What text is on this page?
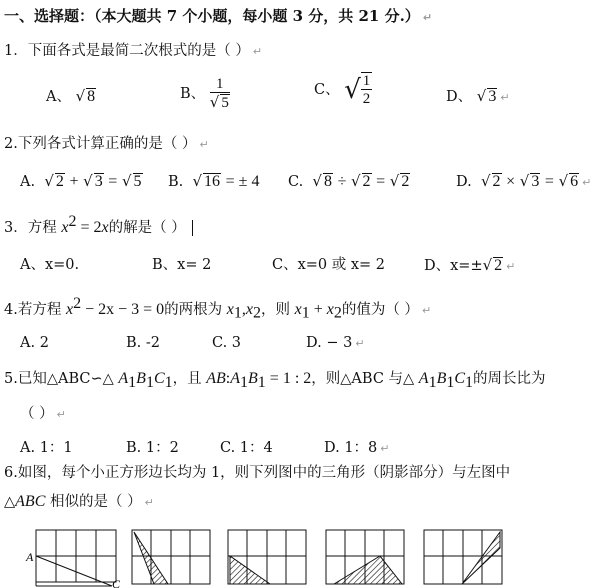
一、选择题：（本大题共 7 个小题，每小题 3 分，共 21 分.） ↵
1．下面各式是最简二次根式的是（ ） ↵
A、 √ 8	B、 $\frac{1}{√ 5}$	C、 √ $\frac{1}{2}$	D、 √ 3 ↵
2.下列各式计算正确的是（ ） ↵
A. √ 2 + √ 3 = √ 5 B. √ 16 = ± 4 C. √ 8 ÷ √ 2 = √ 2	D. √ 2 × √ 3 = √ 6 ↵
3．方程 $x^2 = 2x$的解是（ ）
A、x=0.	B、x= 2	C、x=0 或 x= 2	D、x=±√ 2 ↵
4.若方程 $x^2 - 2x - 3 = 0$的两根为 $x_1,x_2$，则 $x_1 + x_2$的值为（ ） ↵
A. 2	B. -2	C. 3	D. − 3 ↵
5.已知△ABC∽△ $A_1B_1C_1$，且 $AB:A_1B_1 = 1$ : 2，则△ABC 与△ $A_1B_1C_1$的周长比为
（ ） ↵
A. 1：1	B. 1：2	C. 1：4	D. 1：8 ↵
6.如图，每个小正方形边长均为 1，则下列图中的三角形（阴影部分）与左图中
△ABC 相似的是（ ） ↵
A
C
